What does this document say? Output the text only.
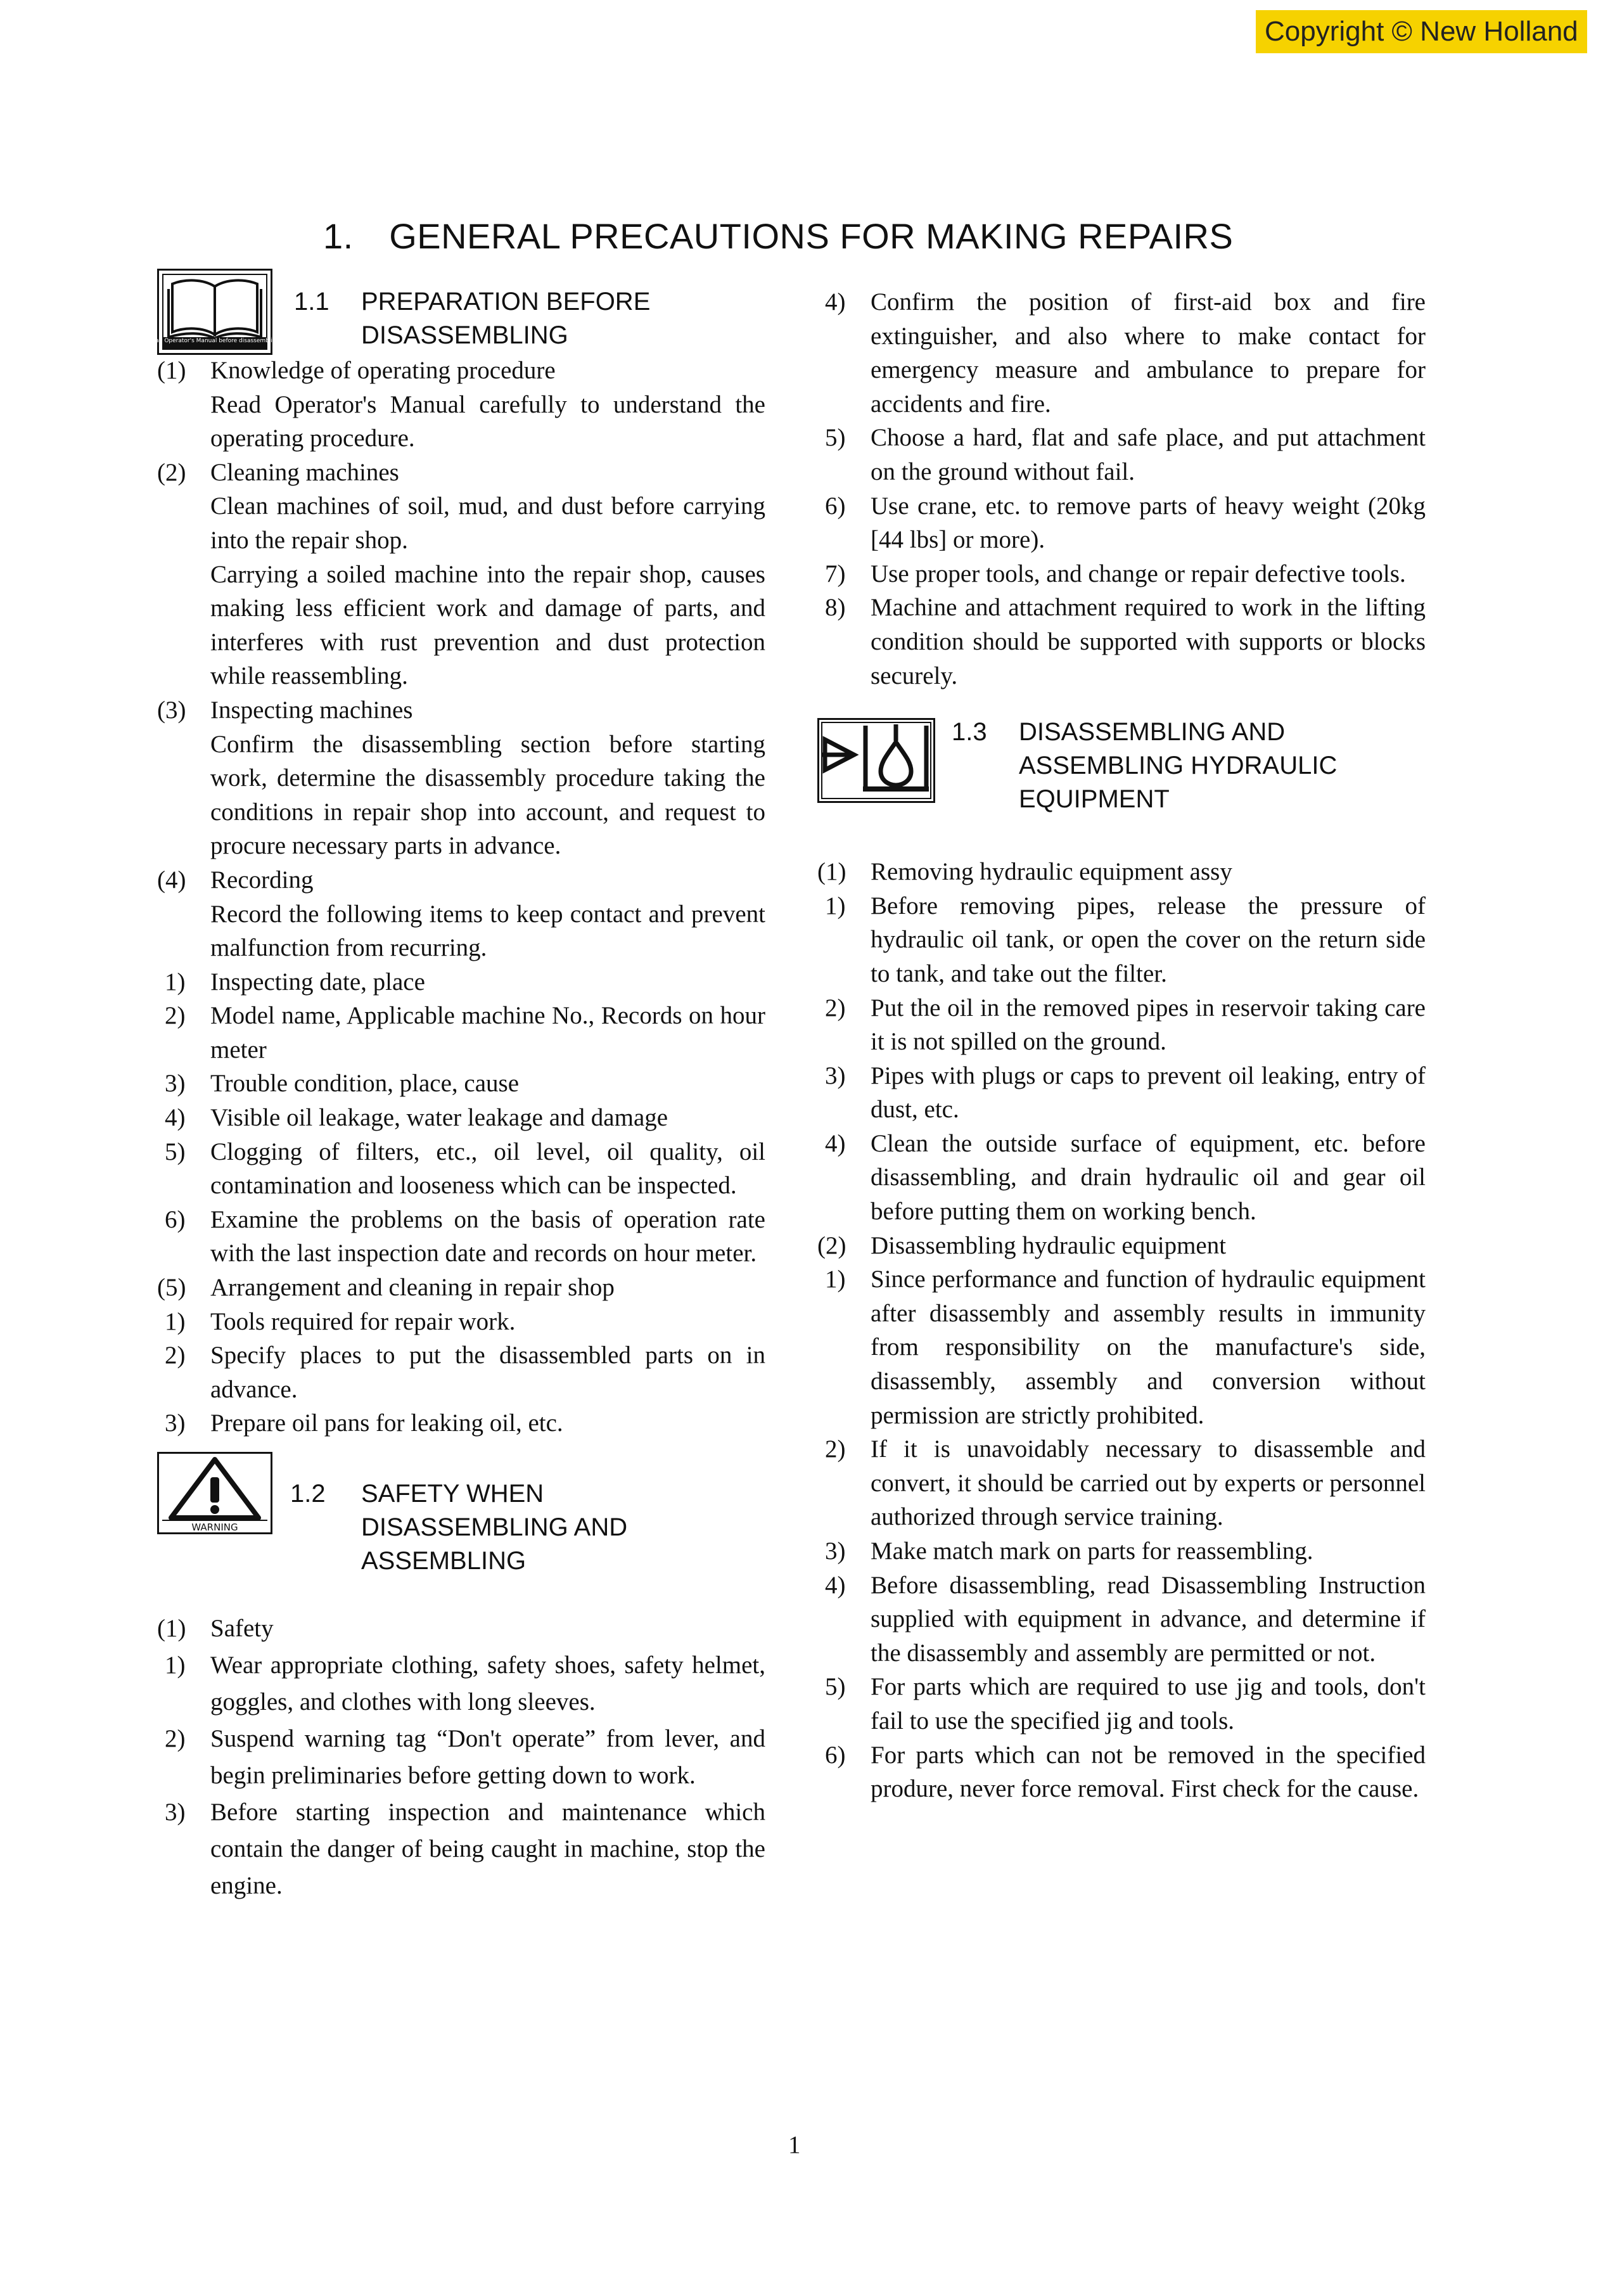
Copyright © New Holland
1. GENERAL PRECAUTIONS FOR MAKING REPAIRS
Read Operator's Manual before disassembling.
1.1 PREPARATION BEFORE
DISASSEMBLING
(1) Knowledge of operating procedure
Read Operator's Manual carefully to understand the operating procedure.
(2) Cleaning machines
Clean machines of soil, mud, and dust before carrying into the repair shop.
Carrying a soiled machine into the repair shop, causes making less efficient work and damage of parts, and interferes with rust prevention and dust protection while reassembling.
(3) Inspecting machines
Confirm the disassembling section before starting work, determine the disassembly procedure taking the conditions in repair shop into account, and request to procure necessary parts in advance.
(4) Recording
Record the following items to keep contact and prevent malfunction from recurring.
1) Inspecting date, place
2) Model name, Applicable machine No., Records on hour meter
3) Trouble condition, place, cause
4) Visible oil leakage, water leakage and damage
5) Clogging of filters, etc., oil level, oil quality, oil contamination and looseness which can be inspected.
6) Examine the problems on the basis of operation rate with the last inspection date and records on hour meter.
(5) Arrangement and cleaning in repair shop
1) Tools required for repair work.
2) Specify places to put the disassembled parts on in advance.
3) Prepare oil pans for leaking oil, etc.
WARNING
1.2 SAFETY WHEN
DISASSEMBLING AND
ASSEMBLING
(1) Safety
1) Wear appropriate clothing, safety shoes, safety helmet, goggles, and clothes with long sleeves.
2) Suspend warning tag “Don't operate” from lever, and begin preliminaries before getting down to work.
3) Before starting inspection and maintenance which contain the danger of being caught in machine, stop the engine.
4) Confirm the position of first-aid box and fire extinguisher, and also where to make contact for emergency measure and ambulance to prepare for accidents and fire.
5) Choose a hard, flat and safe place, and put attachment on the ground without fail.
6) Use crane, etc. to remove parts of heavy weight (20kg [44 lbs] or more).
7) Use proper tools, and change or repair defective tools.
8) Machine and attachment required to work in the lifting condition should be supported with supports or blocks securely.
1.3 DISASSEMBLING AND
ASSEMBLING HYDRAULIC
EQUIPMENT
(1) Removing hydraulic equipment assy
1) Before removing pipes, release the pressure of hydraulic oil tank, or open the cover on the return side to tank, and take out the filter.
2) Put the oil in the removed pipes in reservoir taking care it is not spilled on the ground.
3) Pipes with plugs or caps to prevent oil leaking, entry of dust, etc.
4) Clean the outside surface of equipment, etc. before disassembling, and drain hydraulic oil and gear oil before putting them on working bench.
(2) Disassembling hydraulic equipment
1) Since performance and function of hydraulic equipment after disassembly and assembly results in immunity from responsibility on the manufacture's side, disassembly, assembly and conversion without permission are strictly prohibited.
2) If it is unavoidably necessary to disassemble and convert, it should be carried out by experts or personnel authorized through service training.
3) Make match mark on parts for reassembling.
4) Before disassembling, read Disassembling Instruction supplied with equipment in advance, and determine if the disassembly and assembly are permitted or not.
5) For parts which are required to use jig and tools, don't fail to use the specified jig and tools.
6) For parts which can not be removed in the specified produre, never force removal. First check for the cause.
1
